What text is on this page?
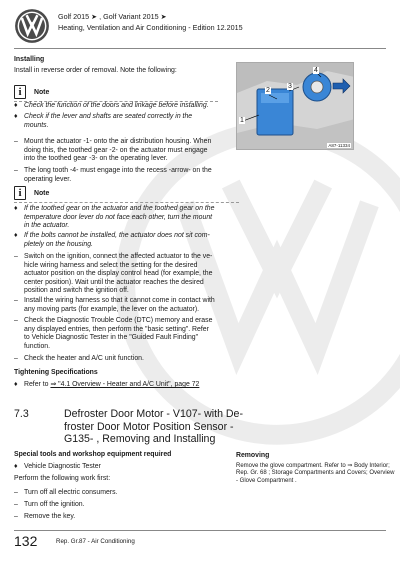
Golf 2015 ➤ , Golf Variant 2015 ➤
Heating, Ventilation and Air Conditioning - Edition 12.2015
1
2
3
4
A87-11334
Installing
Install in reverse order of removal. Note the following:
i Note
♦ Check the function of the doors and linkage before installing.
♦ Check if the lever and shafts are seated correctly in the
mounts.
– Mount the actuator -1- onto the air distribution housing. When
doing this, the toothed gear -2- on the actuator must engage
into the toothed gear -3- on the operating lever.
– The long tooth -4- must engage into the recess -arrow- on the
operating lever.
i Note
♦ If the toothed gear on the actuator and the toothed gear on the
temperature door lever do not face each other, turn the mount
in the actuator.
♦ If the bolts cannot be installed, the actuator does not sit com-
pletely on the housing.
– Switch on the ignition, connect the affected actuator to the ve-
hicle wiring harness and select the setting for the desired
actuator position on the display control head (for example, the
center position). Wait until the actuator reaches the desired
position and switch the ignition off.
– Install the wiring harness so that it cannot come in contact with
any moving parts (for example, the lever on the actuator).
– Check the Diagnostic Trouble Code (DTC) memory and erase
any displayed entries, then perform the "basic setting". Refer
to Vehicle Diagnostic Tester in the "Guided Fault Finding"
function.
– Check the heater and A/C unit function.
Tightening Specifications
♦ Refer to ⇒ "4.1 Overview - Heater and A/C Unit", page 72
7.3	Defroster Door Motor - V107- with De-
froster Door Motor Position Sensor -
G135- , Removing and Installing
Special tools and workshop equipment required
♦ Vehicle Diagnostic Tester
Perform the following work first:
– Turn off all electric consumers.
– Turn off the ignition.
– Remove the key.
132	Rep. Gr.87 - Air Conditioning
Removing
Remove the glove compartment. Refer to ⇒ Body Interior;
Rep. Gr. 68 ; Storage Compartments and Covers; Overview
- Glove Compartment .
